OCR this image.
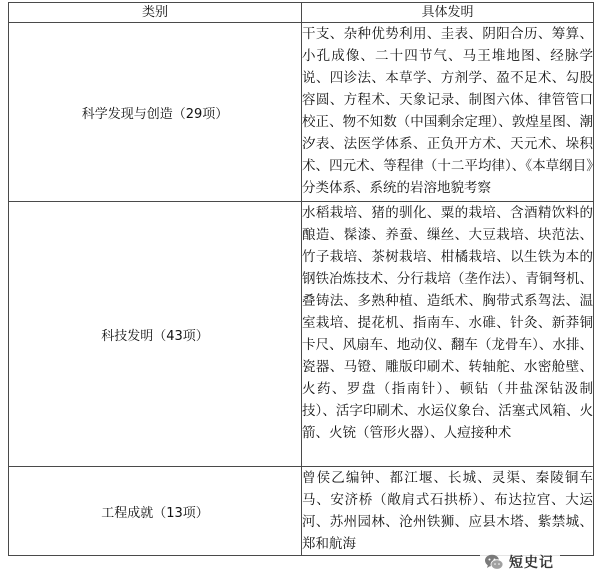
类别	具体发明
科学发现与创造（29项）	干支、杂种优势利用、圭表、阴阳合历、筹算、小孔成像、二十四节气、马王堆地图、经脉学说、四诊法、本草学、方剂学、盈不足术、勾股容圆、方程术、天象记录、制图六体、律管管口校正、物不知数（中国剩余定理）、敦煌星图、潮汐表、法医学体系、正负开方术、天元术、垛积术、四元术、等程律（十二平均律）、《本草纲目》分类体系、系统的岩溶地貌考察
科技发明（43项）	水稻栽培、猪的驯化、粟的栽培、含酒精饮料的酿造、髹漆、养蚕、缫丝、大豆栽培、块范法、竹子栽培、茶树栽培、柑橘栽培、以生铁为本的钢铁冶炼技术、分行栽培（垄作法）、青铜弩机、叠铸法、多熟种植、造纸术、胸带式系驾法、温室栽培、提花机、指南车、水碓、针灸、新莽铜卡尺、风扇车、地动仪、翻车（龙骨车）、水排、瓷器、马镫、雕版印刷术、转轴舵、水密舱壁、火药、罗盘（指南针）、顿钻（井盐深钻汲制技）、活字印刷术、水运仪象台、活塞式风箱、火箭、火铳（管形火器）、人痘接种术
工程成就（13项）	曾侯乙编钟、都江堰、长城、灵渠、秦陵铜车马、安济桥（敞肩式石拱桥）、布达拉宫、大运河、苏州园林、沧州铁狮、应县木塔、紫禁城、郑和航海
短史记
